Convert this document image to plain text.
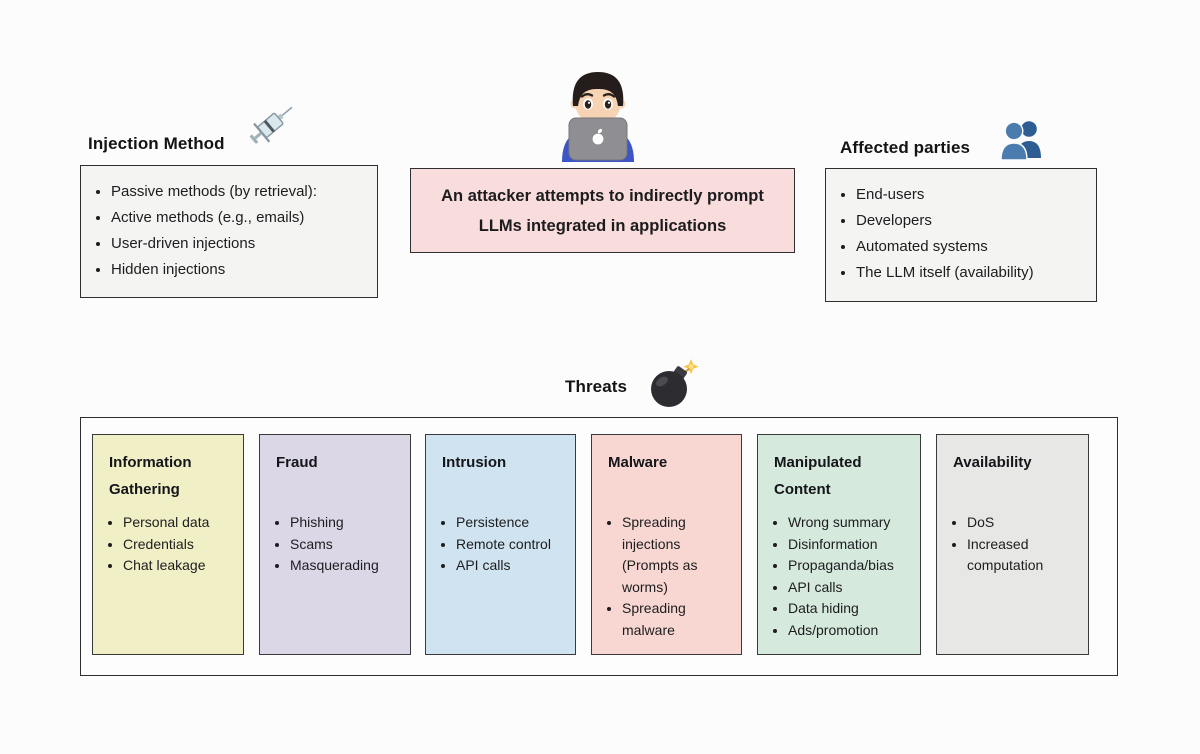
An attacker attempts to indirectly prompt LLMs integrated in applications
Injection Method
• Passive methods (by retrieval):
• Active methods (e.g., emails)
• User-driven injections
• Hidden injections
Affected parties
• End-users
• Developers
• Automated systems
• The LLM itself (availability)
Threats
Information Gathering
• Personal data
• Credentials
• Chat leakage
Fraud
• Phishing
• Scams
• Masquerading
Intrusion
• Persistence
• Remote control
• API calls
Malware
• Spreading injections (Prompts as worms)
• Spreading malware
Manipulated Content
• Wrong summary
• Disinformation
• Propaganda/bias
• API calls
• Data hiding
• Ads/promotion
Availability
• DoS
• Increased computation
